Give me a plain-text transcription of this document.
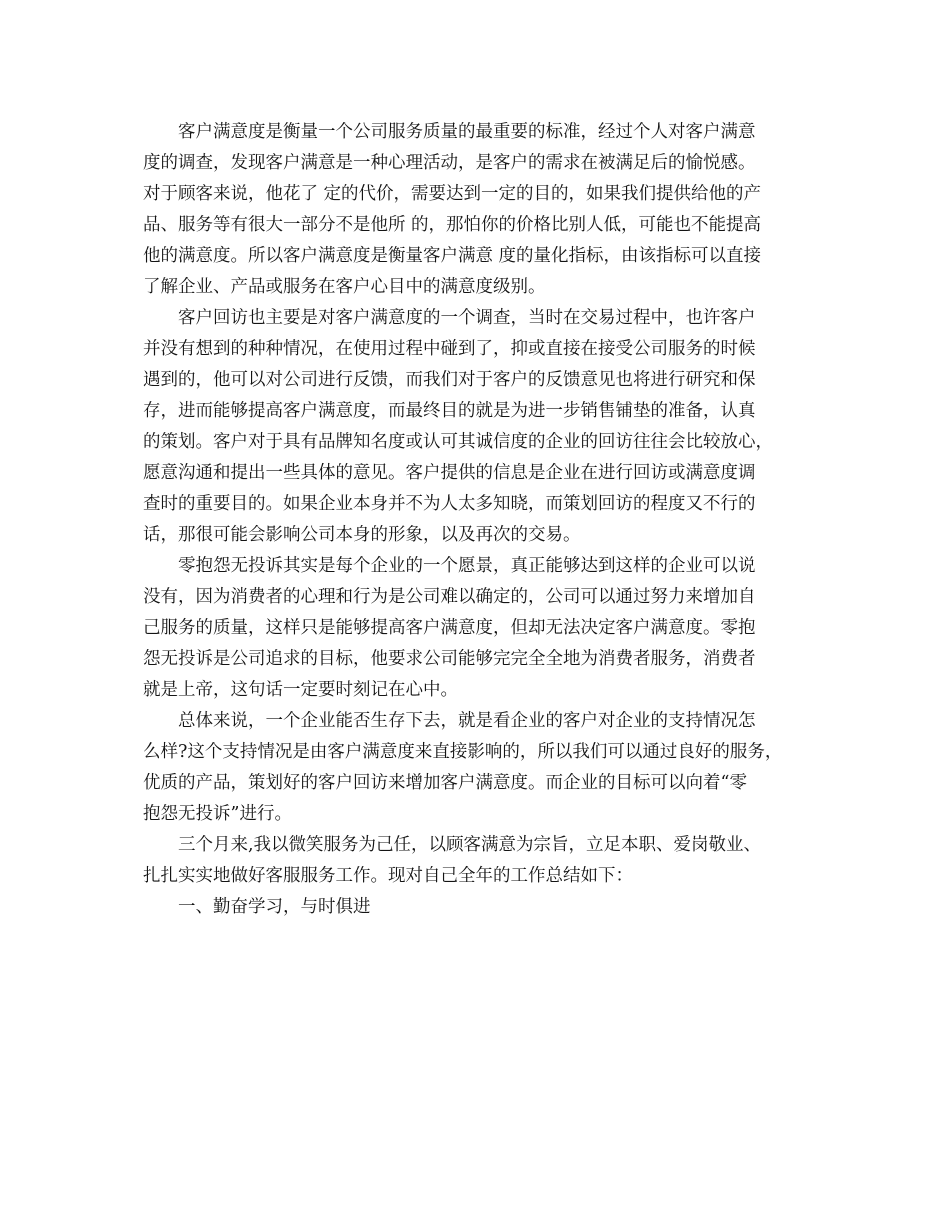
客户满意度是衡量一个公司服务质量的最重要的标准，经过个人对客户满意
度的调查，发现客户满意是一种心理活动，是客户的需求在被满足后的愉悦感。
对于顾客来说，他花了 定的代价，需要达到一定的目的，如果我们提供给他的产
品、服务等有很大一部分不是他所 的，那怕你的价格比别人低，可能也不能提高
他的满意度。所以客户满意度是衡量客户满意 度的量化指标，由该指标可以直接
了解企业、产品或服务在客户心目中的满意度级别。

客户回访也主要是对客户满意度的一个调查，当时在交易过程中，也许客户
并没有想到的种种情况，在使用过程中碰到了，抑或直接在接受公司服务的时候
遇到的，他可以对公司进行反馈，而我们对于客户的反馈意见也将进行研究和保
存，进而能够提高客户满意度，而最终目的就是为进一步销售铺垫的准备，认真
的策划。客户对于具有品牌知名度或认可其诚信度的企业的回访往往会比较放心，
愿意沟通和提出一些具体的意见。客户提供的信息是企业在进行回访或满意度调
查时的重要目的。如果企业本身并不为人太多知晓，而策划回访的程度又不行的
话，那很可能会影响公司本身的形象，以及再次的交易。

零抱怨无投诉其实是每个企业的一个愿景，真正能够达到这样的企业可以说
没有，因为消费者的心理和行为是公司难以确定的，公司可以通过努力来增加自
己服务的质量，这样只是能够提高客户满意度，但却无法决定客户满意度。零抱
怨无投诉是公司追求的目标，他要求公司能够完完全全地为消费者服务，消费者
就是上帝，这句话一定要时刻记在心中。

总体来说，一个企业能否生存下去，就是看企业的客户对企业的支持情况怎
么样?这个支持情况是由客户满意度来直接影响的，所以我们可以通过良好的服务，
优质的产品，策划好的客户回访来增加客户满意度。而企业的目标可以向着“零
抱怨无投诉”进行。

三个月来,我以微笑服务为己任，以顾客满意为宗旨，立足本职、爱岗敬业、
扎扎实实地做好客服服务工作。现对自己全年的工作总结如下：

一、勤奋学习，与时俱进
